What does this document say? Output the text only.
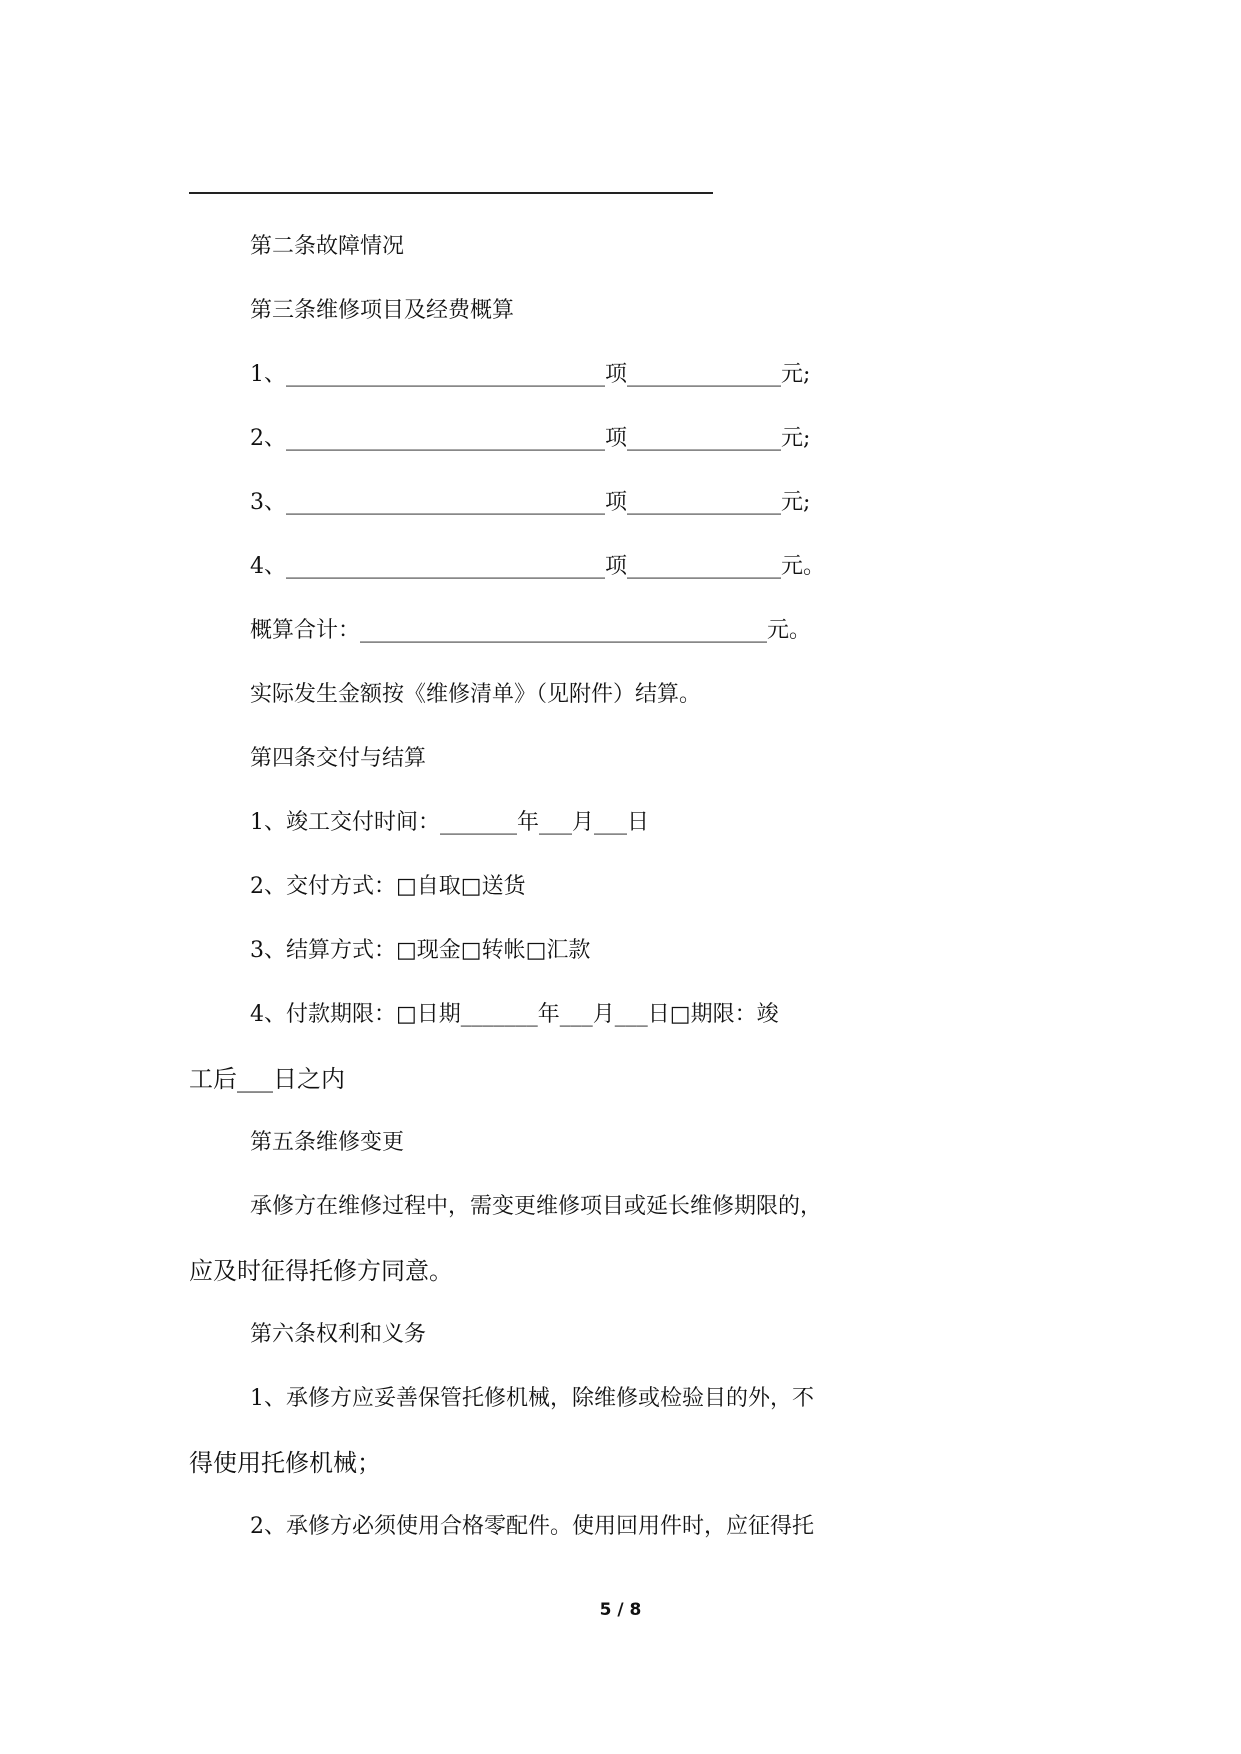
第二条故障情况
第三条维修项目及经费概算
1、_____________________________项______________元;
2、_____________________________项______________元;
3、_____________________________项______________元;
4、_____________________________项______________元。
概算合计：_____________________________________元。
实际发生金额按《维修清单》（见附件）结算。
第四条交付与结算
1、竣工交付时间：_______年___月___日
2、交付方式：□自取□送货
3、结算方式：□现金□转帐□汇款
4、付款期限：□日期_______年___月___日□期限：竣
工后___日之内
第五条维修变更
承修方在维修过程中，需变更维修项目或延长维修期限的，
应及时征得托修方同意。
第六条权利和义务
1、承修方应妥善保管托修机械，除维修或检验目的外，不
得使用托修机械；
2、承修方必须使用合格零配件。使用回用件时，应征得托
5 / 8
